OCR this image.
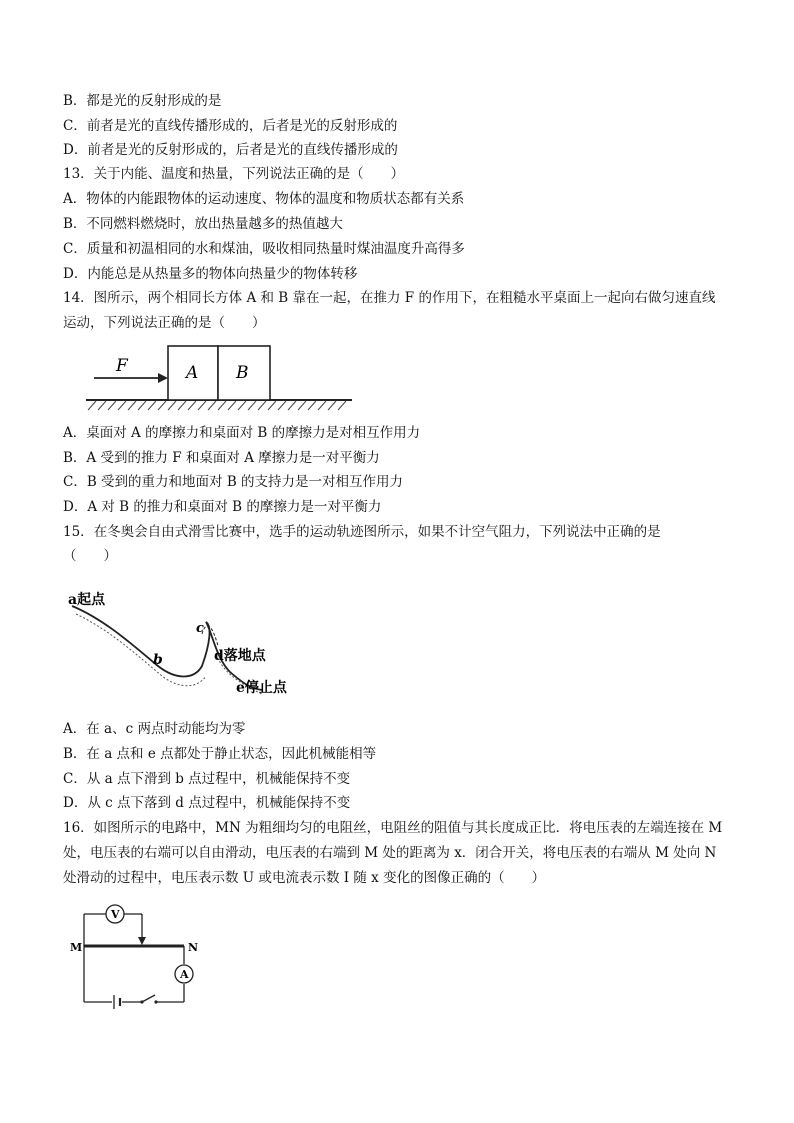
B．都是光的反射形成的是
C．前者是光的直线传播形成的，后者是光的反射形成的
D．前者是光的反射形成的，后者是光的直线传播形成的
13．关于内能、温度和热量，下列说法正确的是（　　）
A．物体的内能跟物体的运动速度、物体的温度和物质状态都有关系
B．不同燃料燃烧时，放出热量越多的热值越大
C．质量和初温相同的水和煤油，吸收相同热量时煤油温度升高得多
D．内能总是从热量多的物体向热量少的物体转移
14．图所示，两个相同长方体 A 和 B 靠在一起，在推力 F 的作用下，在粗糙水平桌面上一起向右做匀速直线
运动，下列说法正确的是（　　）
F	A B
A．桌面对 A 的摩擦力和桌面对 B 的摩擦力是对相互作用力
B．A 受到的推力 F 和桌面对 A 摩擦力是一对平衡力
C．B 受到的重力和地面对 B 的支持力是一对相互作用力
D．A 对 B 的推力和桌面对 B 的摩擦力是一对平衡力
15．在冬奥会自由式滑雪比赛中，选手的运动轨迹图所示，如果不计空气阻力，下列说法中正确的是
（　　）
a起点
b
c
d落地点
e停止点
A．在 a、c 两点时动能均为零
B．在 a 点和 e 点都处于静止状态，因此机械能相等
C．从 a 点下滑到 b 点过程中，机械能保持不变
D．从 c 点下落到 d 点过程中，机械能保持不变
16．如图所示的电路中，MN 为粗细均匀的电阻丝，电阻丝的阻值与其长度成正比．将电压表的左端连接在 M
处，电压表的右端可以自由滑动，电压表的右端到 M 处的距离为 x．闭合开关，将电压表的右端从 M 处向 N
处滑动的过程中，电压表示数 U 或电流表示数 I 随 x 变化的图像正确的（　　）
V
A
M	N
